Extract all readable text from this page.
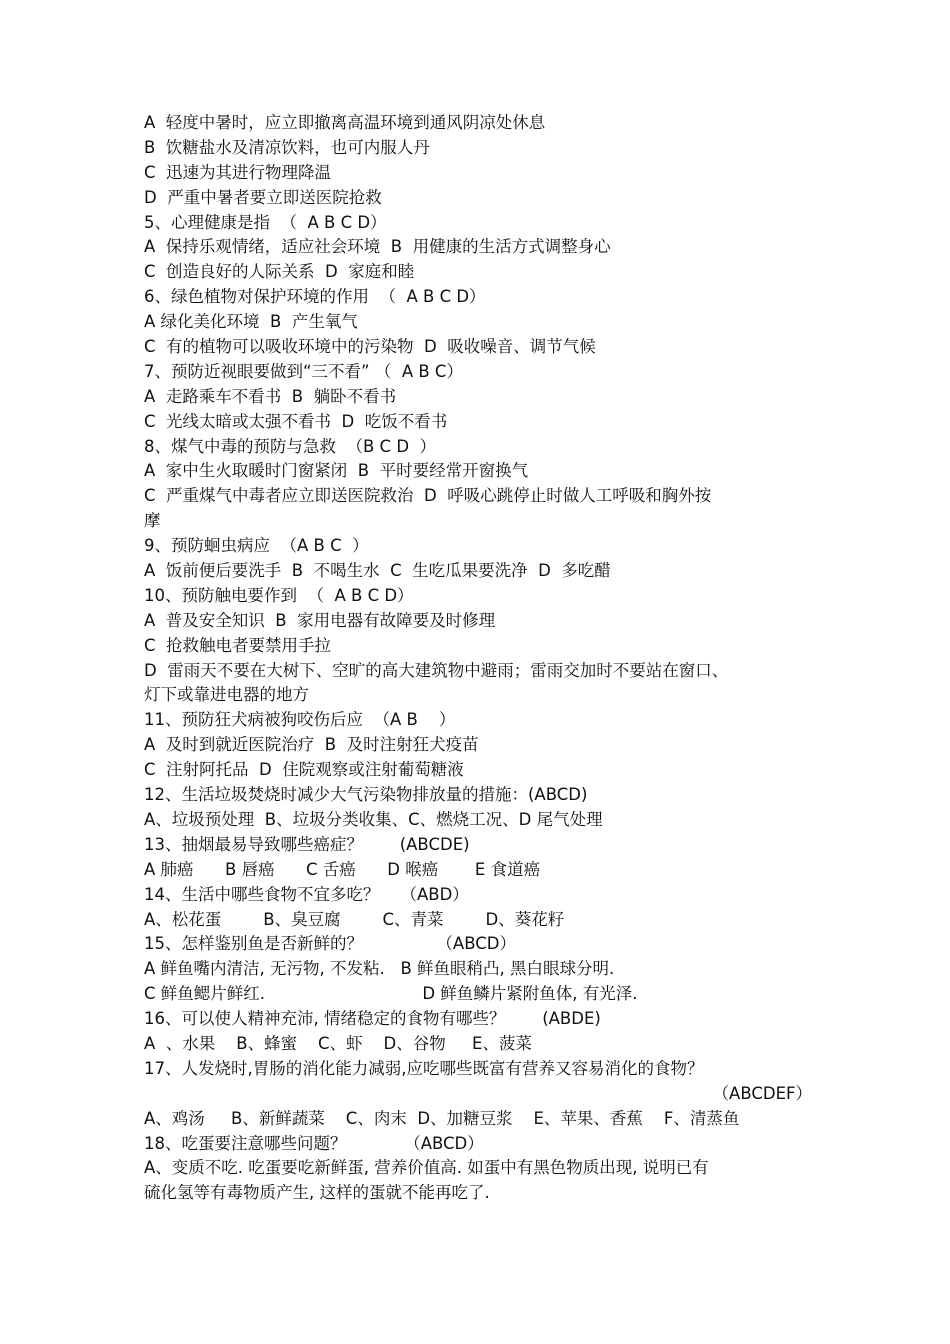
A  轻度中暑时，应立即撤离高温环境到通风阴凉处休息
B  饮糖盐水及清凉饮料，也可内服人丹
C  迅速为其进行物理降温
D  严重中暑者要立即送医院抢救
5、心理健康是指  （  A B C D）
A  保持乐观情绪，适应社会环境  B  用健康的生活方式调整身心
C  创造良好的人际关系  D  家庭和睦
6、绿色植物对保护环境的作用  （  A B C D）
A 绿化美化环境  B  产生氧气
C  有的植物可以吸收环境中的污染物  D  吸收噪音、调节气候
7、预防近视眼要做到“三不看” （  A B C）
A  走路乘车不看书  B  躺卧不看书
C  光线太暗或太强不看书  D  吃饭不看书
8、煤气中毒的预防与急救  （B C D  ）
A  家中生火取暖时门窗紧闭  B  平时要经常开窗换气
C  严重煤气中毒者应立即送医院救治  D  呼吸心跳停止时做人工呼吸和胸外按
摩
9、预防蛔虫病应  （A B C  ）
A  饭前便后要洗手  B  不喝生水  C  生吃瓜果要洗净  D  多吃醋
10、预防触电要作到  （  A B C D）
A  普及安全知识  B  家用电器有故障要及时修理
C  抢救触电者要禁用手拉
D  雷雨天不要在大树下、空旷的高大建筑物中避雨；雷雨交加时不要站在窗口、
灯下或靠进电器的地方
11、预防狂犬病被狗咬伤后应  （A B    ）
A  及时到就近医院治疗  B  及时注射狂犬疫苗
C  注射阿托品  D  住院观察或注射葡萄糖液
12、生活垃圾焚烧时减少大气污染物排放量的措施：(ABCD)
A、垃圾预处理  B、垃圾分类收集、C、燃烧工况、D 尾气处理
13、抽烟最易导致哪些癌症？       (ABCDE)
A 肺癌      B 唇癌      C 舌癌      D 喉癌       E 食道癌
14、生活中哪些食物不宜多吃？    （ABD）
A、松花蛋        B、臭豆腐        C、青菜        D、葵花籽
15、怎样鉴别鱼是否新鲜的？              （ABCD）
A 鲜鱼嘴内清洁, 无污物, 不发粘.   B 鲜鱼眼稍凸, 黑白眼球分明.
C 鲜鱼鳃片鲜红.                              D 鲜鱼鳞片紧附鱼体, 有光泽.
16、可以使人精神充沛, 情绪稳定的食物有哪些？       (ABDE)
A  、水果    B、蜂蜜    C、虾    D、谷物     E、菠菜
17、人发烧时,胃肠的消化能力减弱,应吃哪些既富有营养又容易消化的食物？
（ABCDEF）
A、鸡汤     B、新鲜蔬菜    C、肉末  D、加糖豆浆    E、苹果、香蕉    F、清蒸鱼
18、吃蛋要注意哪些问题？           （ABCD）
A、变质不吃. 吃蛋要吃新鲜蛋, 营养价值高. 如蛋中有黑色物质出现, 说明已有
硫化氢等有毒物质产生, 这样的蛋就不能再吃了.
